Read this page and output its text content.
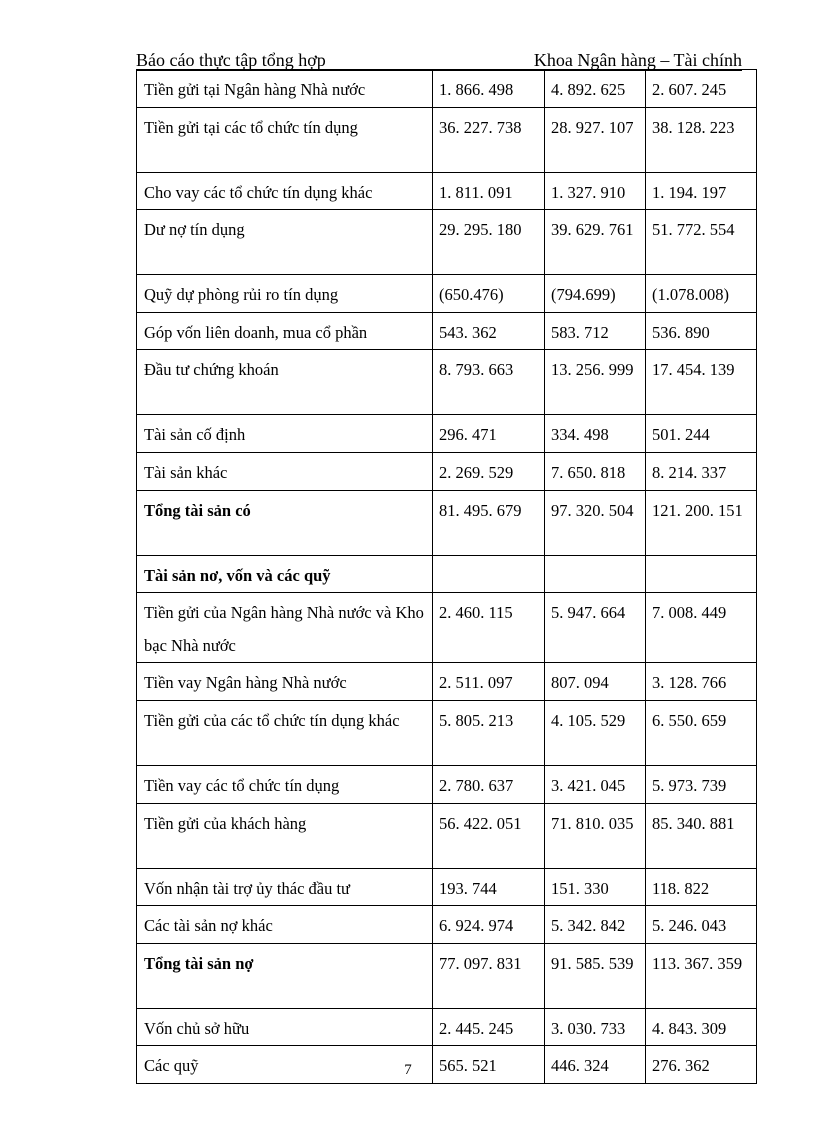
Báo cáo thực tập tổng hợp	Khoa Ngân hàng – Tài chính
Tiền gửi tại Ngân hàng Nhà nước	1. 866. 498	4. 892. 625	2. 607. 245
Tiền gửi tại các tổ chức tín dụng	36. 227. 738	28. 927. 107	38. 128. 223
Cho vay các tổ chức tín dụng khác	1. 811. 091	1. 327. 910	1. 194. 197
Dư nợ tín dụng	29. 295. 180	39. 629. 761	51. 772. 554
Quỹ dự phòng rủi ro tín dụng	(650.476)	(794.699)	(1.078.008)
Góp vốn liên doanh, mua cổ phần	543. 362	583. 712	536. 890
Đầu tư chứng khoán	8. 793. 663	13. 256. 999	17. 454. 139
Tài sản cố định	296. 471	334. 498	501. 244
Tài sản khác	2. 269. 529	7. 650. 818	8. 214. 337
Tổng tài sản có	81. 495. 679	97. 320. 504	121. 200. 151
Tài sản nơ, vốn và các quỹ			
Tiền gửi của Ngân hàng Nhà nước và Kho bạc Nhà nước	2. 460. 115	5. 947. 664	7. 008. 449
Tiền vay Ngân hàng Nhà nước	2. 511. 097	807. 094	3. 128. 766
Tiền gửi của các tổ chức tín dụng khác	5. 805. 213	4. 105. 529	6. 550. 659
Tiền vay các tổ chức tín dụng	2. 780. 637	3. 421. 045	5. 973. 739
Tiền gửi của khách hàng	56. 422. 051	71. 810. 035	85. 340. 881
Vốn nhận tài trợ ủy thác đầu tư	193. 744	151. 330	118. 822
Các tài sản nợ khác	6. 924. 974	5. 342. 842	5. 246. 043
Tổng tài sản nợ	77. 097. 831	91. 585. 539	113. 367. 359
Vốn chủ sở hữu	2. 445. 245	3. 030. 733	4. 843. 309
Các quỹ	565. 521	446. 324	276. 362
7
